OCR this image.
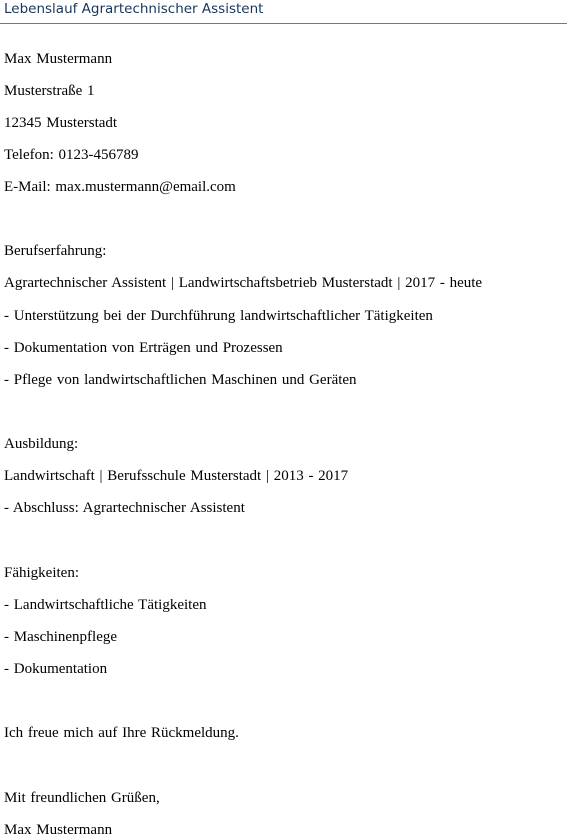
Lebenslauf Agrartechnischer Assistent
Max Mustermann
Musterstraße 1
12345 Musterstadt
Telefon: 0123-456789
E-Mail: max.mustermann@email.com
Berufserfahrung:
Agrartechnischer Assistent | Landwirtschaftsbetrieb Musterstadt | 2017 - heute
- Unterstützung bei der Durchführung landwirtschaftlicher Tätigkeiten
- Dokumentation von Erträgen und Prozessen
- Pflege von landwirtschaftlichen Maschinen und Geräten
Ausbildung:
Landwirtschaft | Berufsschule Musterstadt | 2013 - 2017
- Abschluss: Agrartechnischer Assistent
Fähigkeiten:
- Landwirtschaftliche Tätigkeiten
- Maschinenpflege
- Dokumentation
Ich freue mich auf Ihre Rückmeldung.
Mit freundlichen Grüßen,
Max Mustermann
